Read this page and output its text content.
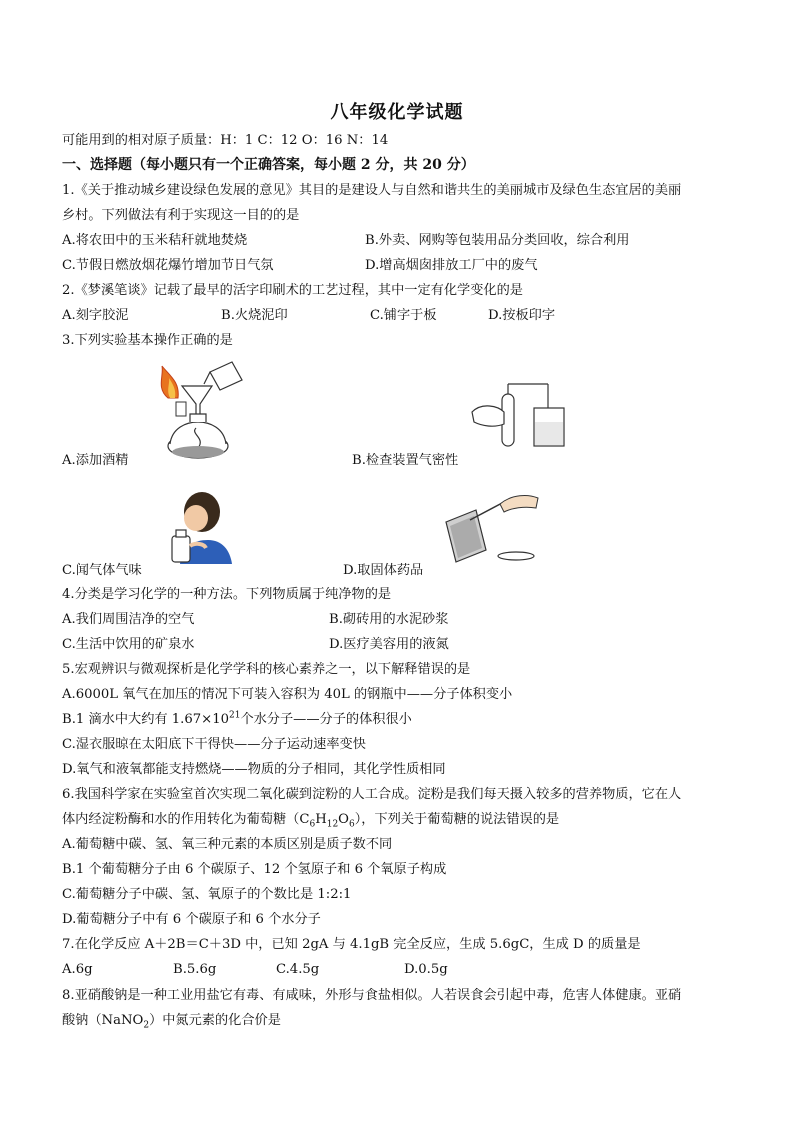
八年级化学试题
可能用到的相对原子质量：H：1 C：12 O：16 N：14
一、选择题（每小题只有一个正确答案，每小题 2 分，共 20 分）
1.《关于推动城乡建设绿色发展的意见》其目的是建设人与自然和谐共生的美丽城市及绿色生态宜居的美丽
乡村。下列做法有利于实现这一目的的是
A.将农田中的玉米秸秆就地焚烧	B.外卖、网购等包装用品分类回收，综合利用
C.节假日燃放烟花爆竹增加节日气氛	D.增高烟囱排放工厂中的废气
2.《梦溪笔谈》记载了最早的活字印刷术的工艺过程，其中一定有化学变化的是
A.刻字胶泥	B.火烧泥印	C.铺字于板	D.按板印字
3.下列实验基本操作正确的是
A.添加酒精	B.检查装置气密性
C.闻气体气味	D.取固体药品
4.分类是学习化学的一种方法。下列物质属于纯净物的是
A.我们周围洁净的空气	B.砌砖用的水泥砂浆
C.生活中饮用的矿泉水	D.医疗美容用的液氮
5.宏观辨识与微观探析是化学学科的核心素养之一，以下解释错误的是
A.6000L 氧气在加压的情况下可装入容积为 40L 的钢瓶中——分子体积变小
B.1 滴水中大约有 $1.67\times 10^{21}$个水分子——分子的体积很小
C.湿衣服晾在太阳底下干得快——分子运动速率变快
D.氧气和液氧都能支持燃烧——物质的分子相同，其化学性质相同
6.我国科学家在实验室首次实现二氧化碳到淀粉的人工合成。淀粉是我们每天摄入较多的营养物质，它在人
体内经淀粉酶和水的作用转化为葡萄糖$(C_6H_{12}O_6)$，下列关于葡萄糖的说法错误的是
A.葡萄糖中碳、氢、氧三种元素的本质区别是质子数不同
B.1 个葡萄糖分子由 6 个碳原子、12 个氢原子和 6 个氧原子构成
C.葡萄糖分子中碳、氢、氧原子的个数比是 1:2:1
D.葡萄糖分子中有 6 个碳原子和 6 个水分子
7.在化学反应 A＋2B＝C＋3D 中，已知 2gA 与 4.1gB 完全反应，生成 5.6gC，生成 D 的质量是
A.6g	B.5.6g	C.4.5g	D.0.5g
8.亚硝酸钠是一种工业用盐它有毒、有咸味，外形与食盐相似。人若误食会引起中毒，危害人体健康。亚硝
酸钠（NaNO$_2$）中氮元素的化合价是
